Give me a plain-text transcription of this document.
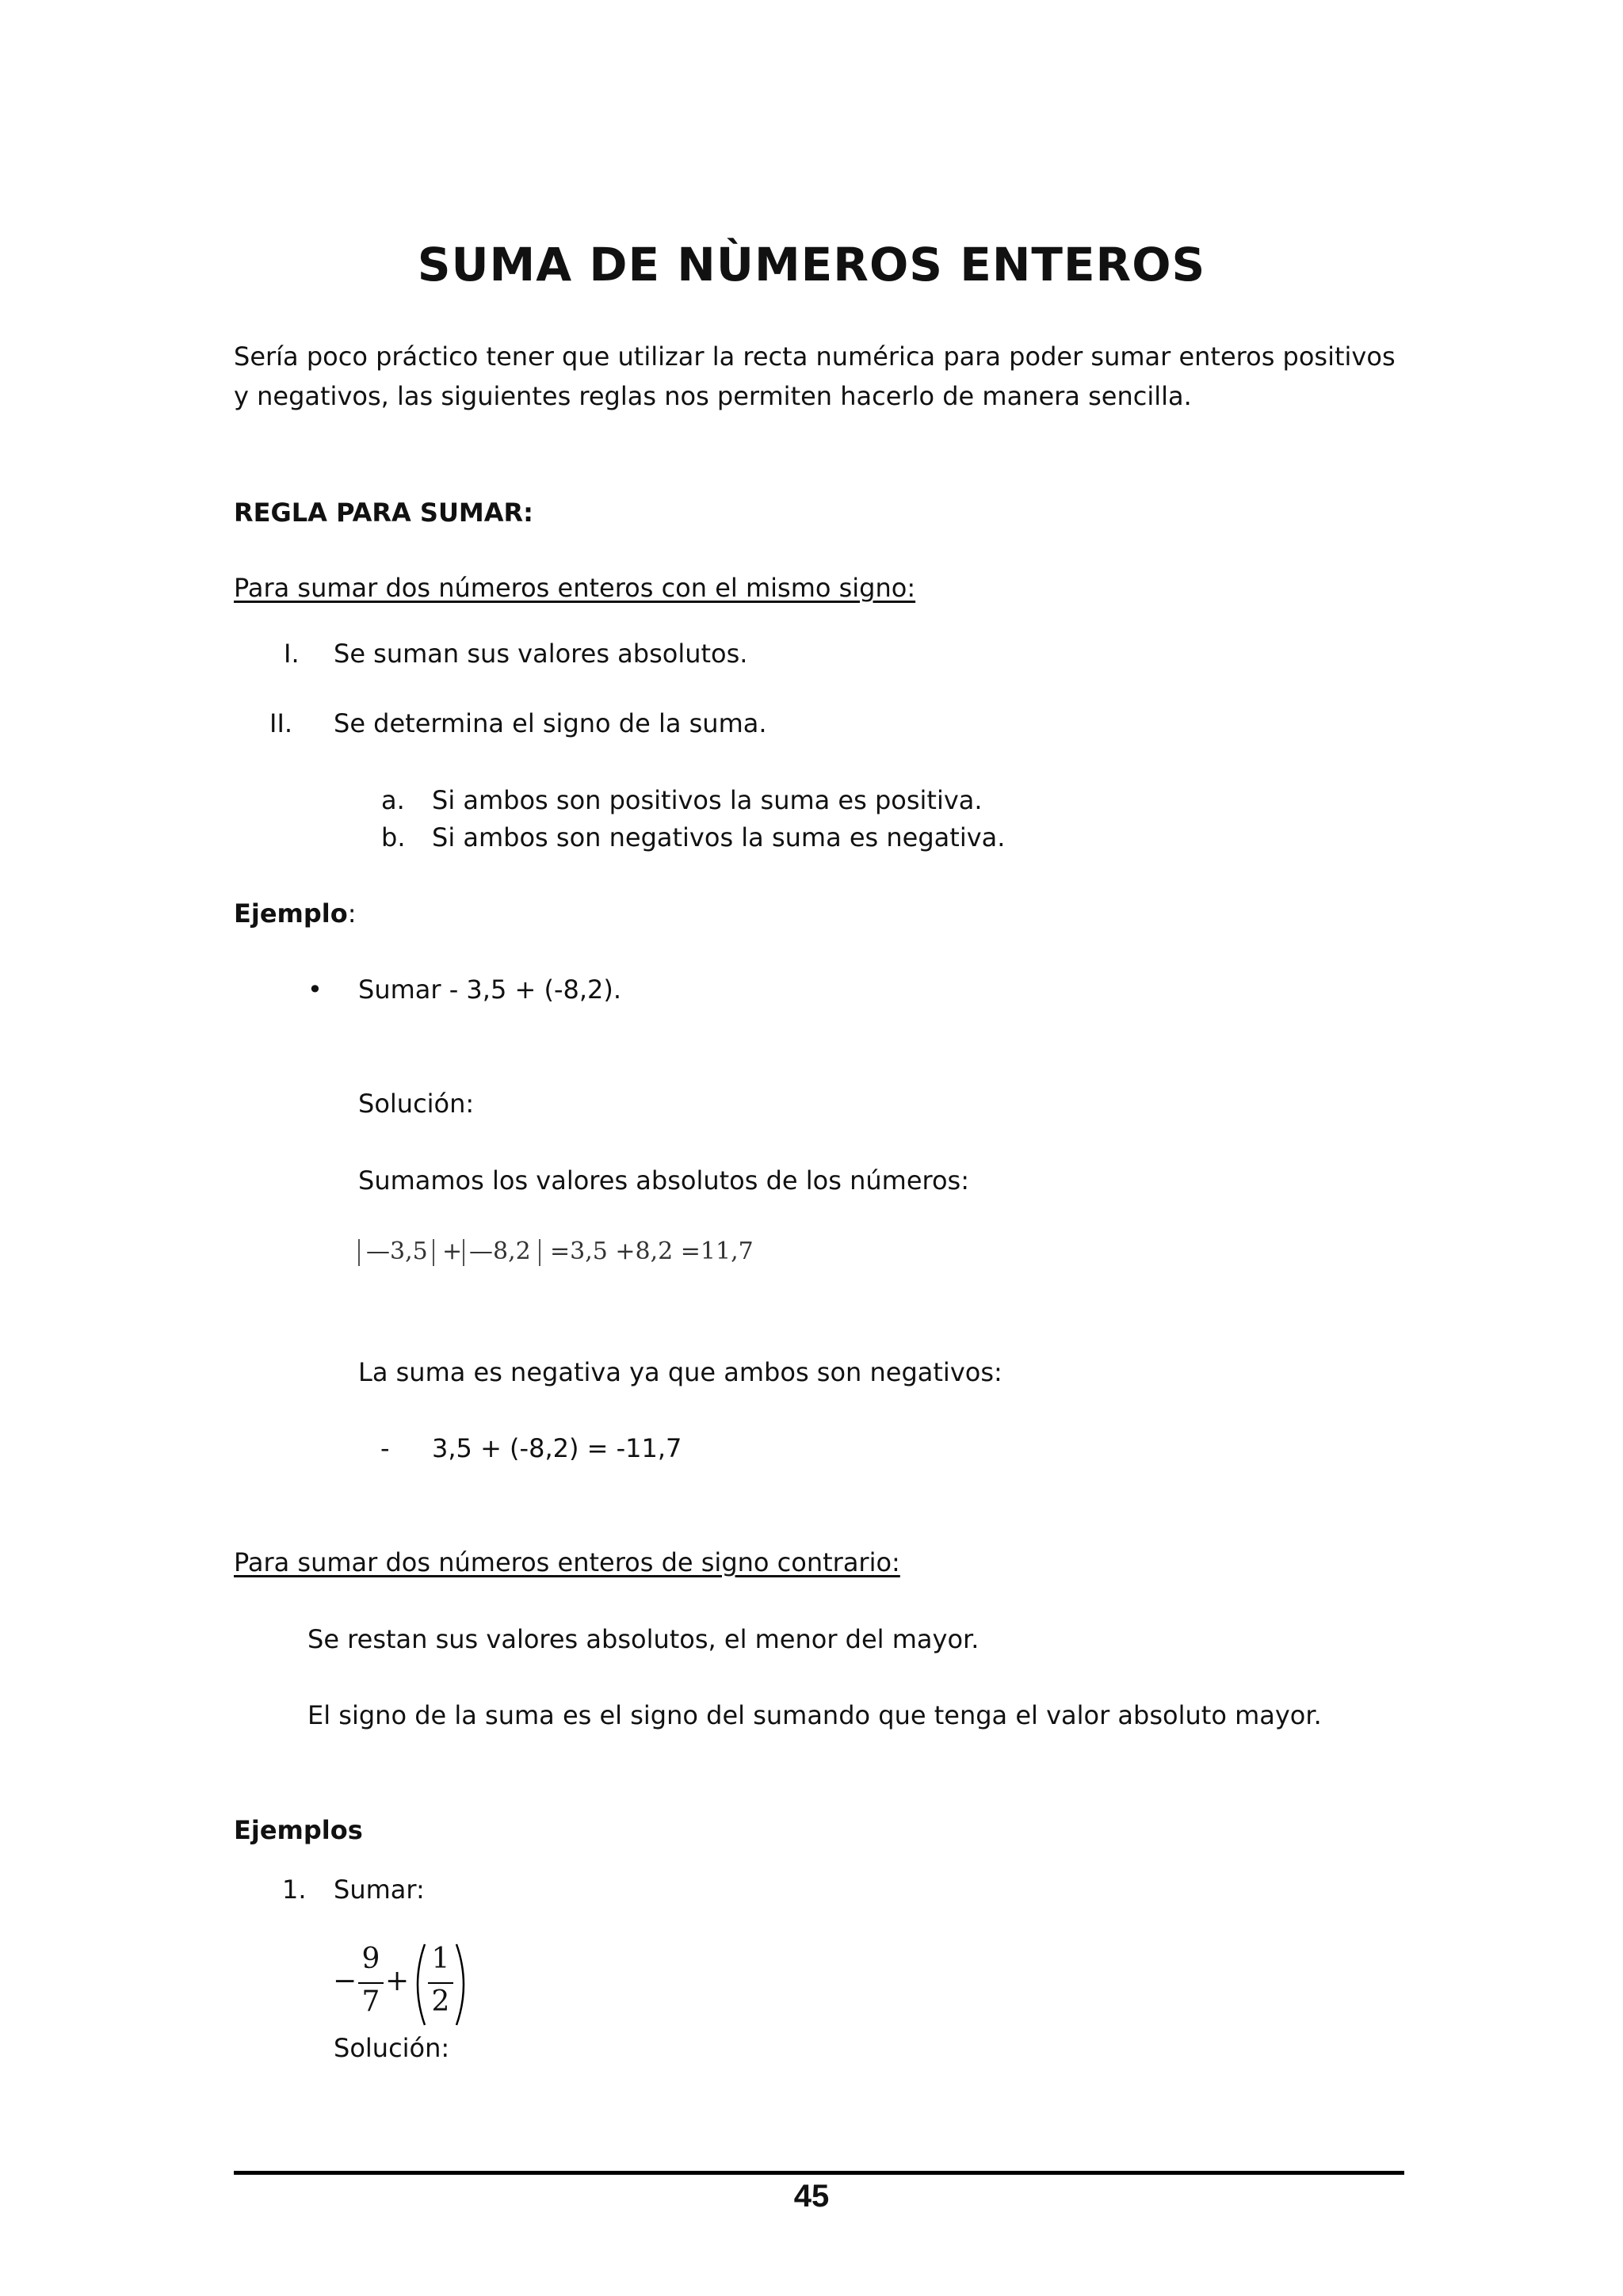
SUMA DE NÙMEROS ENTEROS
Sería poco práctico tener que utilizar la recta numérica para poder sumar enteros positivos y negativos, las siguientes reglas nos permiten hacerlo de manera sencilla.
REGLA PARA SUMAR:
Para sumar dos números enteros con el mismo signo:
I. Se suman sus valores absolutos.
II. Se determina el signo de la suma.
a. Si ambos son positivos la suma es positiva.
b. Si ambos son negativos la suma es negativa.
Ejemplo:
• Sumar - 3,5 + (-8,2).
Solución:
Sumamos los valores absolutos de los números:
—3,5 + —8,2 =3,5 +8,2 =11,7
La suma es negativa ya que ambos son negativos:
- 3,5 + (-8,2) = -11,7
Para sumar dos números enteros de signo contrario:
Se restan sus valores absolutos, el menor del mayor.
El signo de la suma es el signo del sumando que tenga el valor absoluto mayor.
Ejemplos
1. Sumar:
−
9
7
+
1
2
Solución:
45
